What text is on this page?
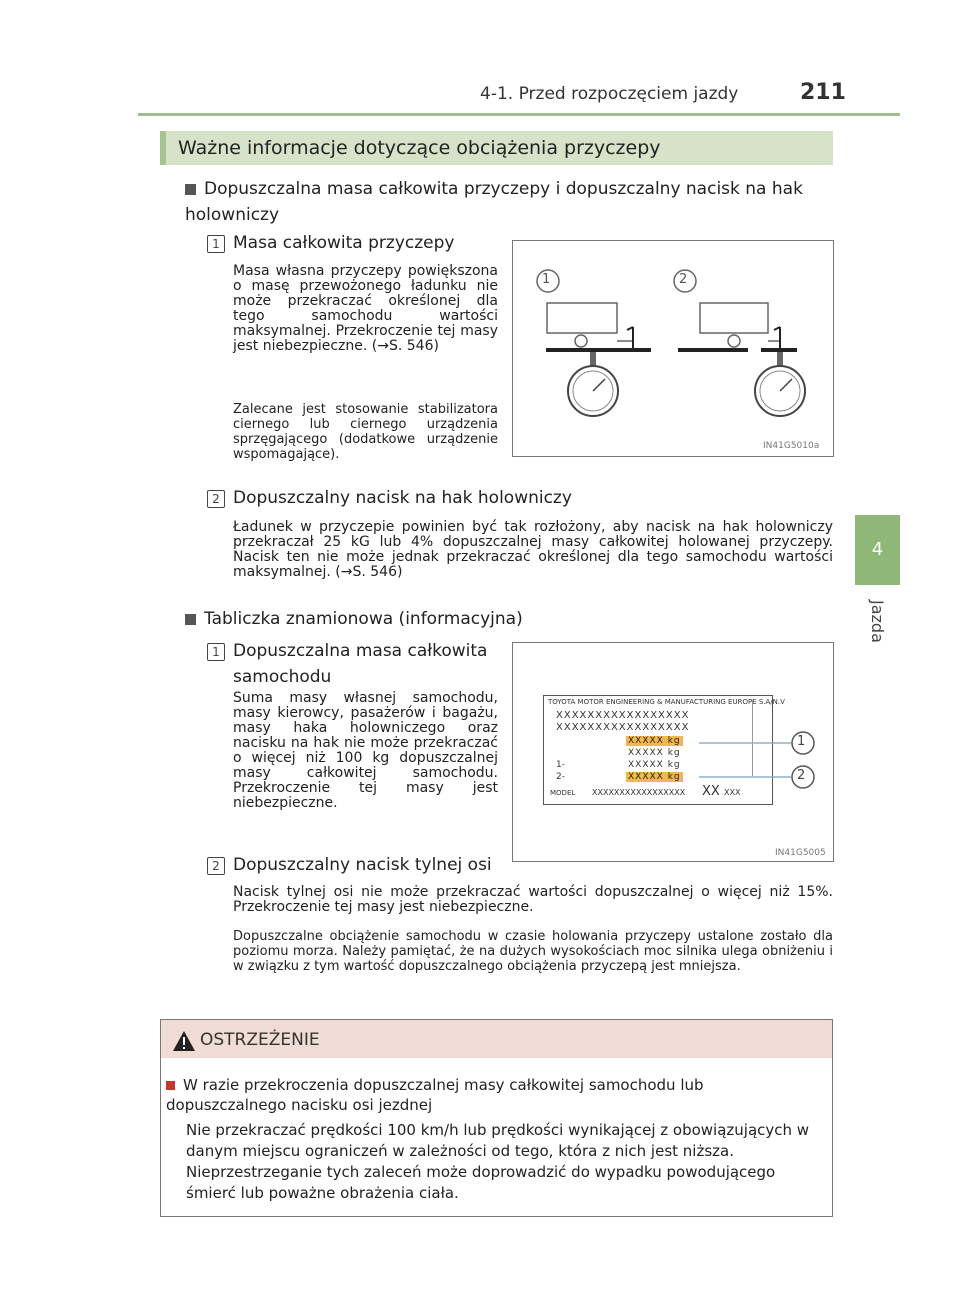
4-1. Przed rozpoczęciem jazdy	211
4
Jazda
Ważne informacje dotyczące obciążenia przyczepy
Dopuszczalna masa całkowita przyczepy i dopuszczalny nacisk na hak holowniczy
1 Masa całkowita przyczepy
Masa własna przyczepy powiększona o masę przewożonego ładunku nie może przekraczać określonej dla tego samochodu wartości maksymalnej. Przekroczenie tej masy jest niebezpieczne. (→S. 546)
Zalecane jest stosowanie stabilizatora ciernego lub ciernego urządzenia sprzęgającego (dodatkowe urządzenie wspomagające).
1	2
IN41G5010a
2 Dopuszczalny nacisk na hak holowniczy
Ładunek w przyczepie powinien być tak rozłożony, aby nacisk na hak holowniczy przekraczał 25 kG lub 4% dopuszczalnej masy całkowitej holowanej przyczepy. Nacisk ten nie może jednak przekraczać określonej dla tego samochodu wartości maksymalnej. (→S. 546)
Tabliczka znamionowa (informacyjna)
1 Dopuszczalna masa całkowita samochodu
Suma masy własnej samochodu, masy kierowcy, pasażerów i bagażu, masy haka holowniczego oraz nacisku na hak nie może przekraczać o więcej niż 100 kg dopuszczalnej masy całkowitej samochodu. Przekroczenie tej masy jest niebezpieczne.
TOYOTA MOTOR ENGINEERING & MANUFACTURING EUROPE S.A/N.V
XXXXXXXXXXXXXXXXX
XXXXXXXXXXXXXXXXX
XXXXX kg
XXXXX kg
1-	XXXXX kg
2-	XXXXX kg
MODEL XXXXXXXXXXXXXXXXX XX XXX
1
2
IN41G5005
2 Dopuszczalny nacisk tylnej osi
Nacisk tylnej osi nie może przekraczać wartości dopuszczalnej o więcej niż 15%. Przekroczenie tej masy jest niebezpieczne.
Dopuszczalne obciążenie samochodu w czasie holowania przyczepy ustalone zostało dla poziomu morza. Należy pamiętać, że na dużych wysokościach moc silnika ulega obniżeniu i w związku z tym wartość dopuszczalnego obciążenia przyczepą jest mniejsza.
OSTRZEŻENIE
W razie przekroczenia dopuszczalnej masy całkowitej samochodu lub dopuszczalnego nacisku osi jezdnej
Nie przekraczać prędkości 100 km/h lub prędkości wynikającej z obowiązujących w danym miejscu ograniczeń w zależności od tego, która z nich jest niższa. Nieprzestrzeganie tych zaleceń może doprowadzić do wypadku powodującego śmierć lub poważne obrażenia ciała.
